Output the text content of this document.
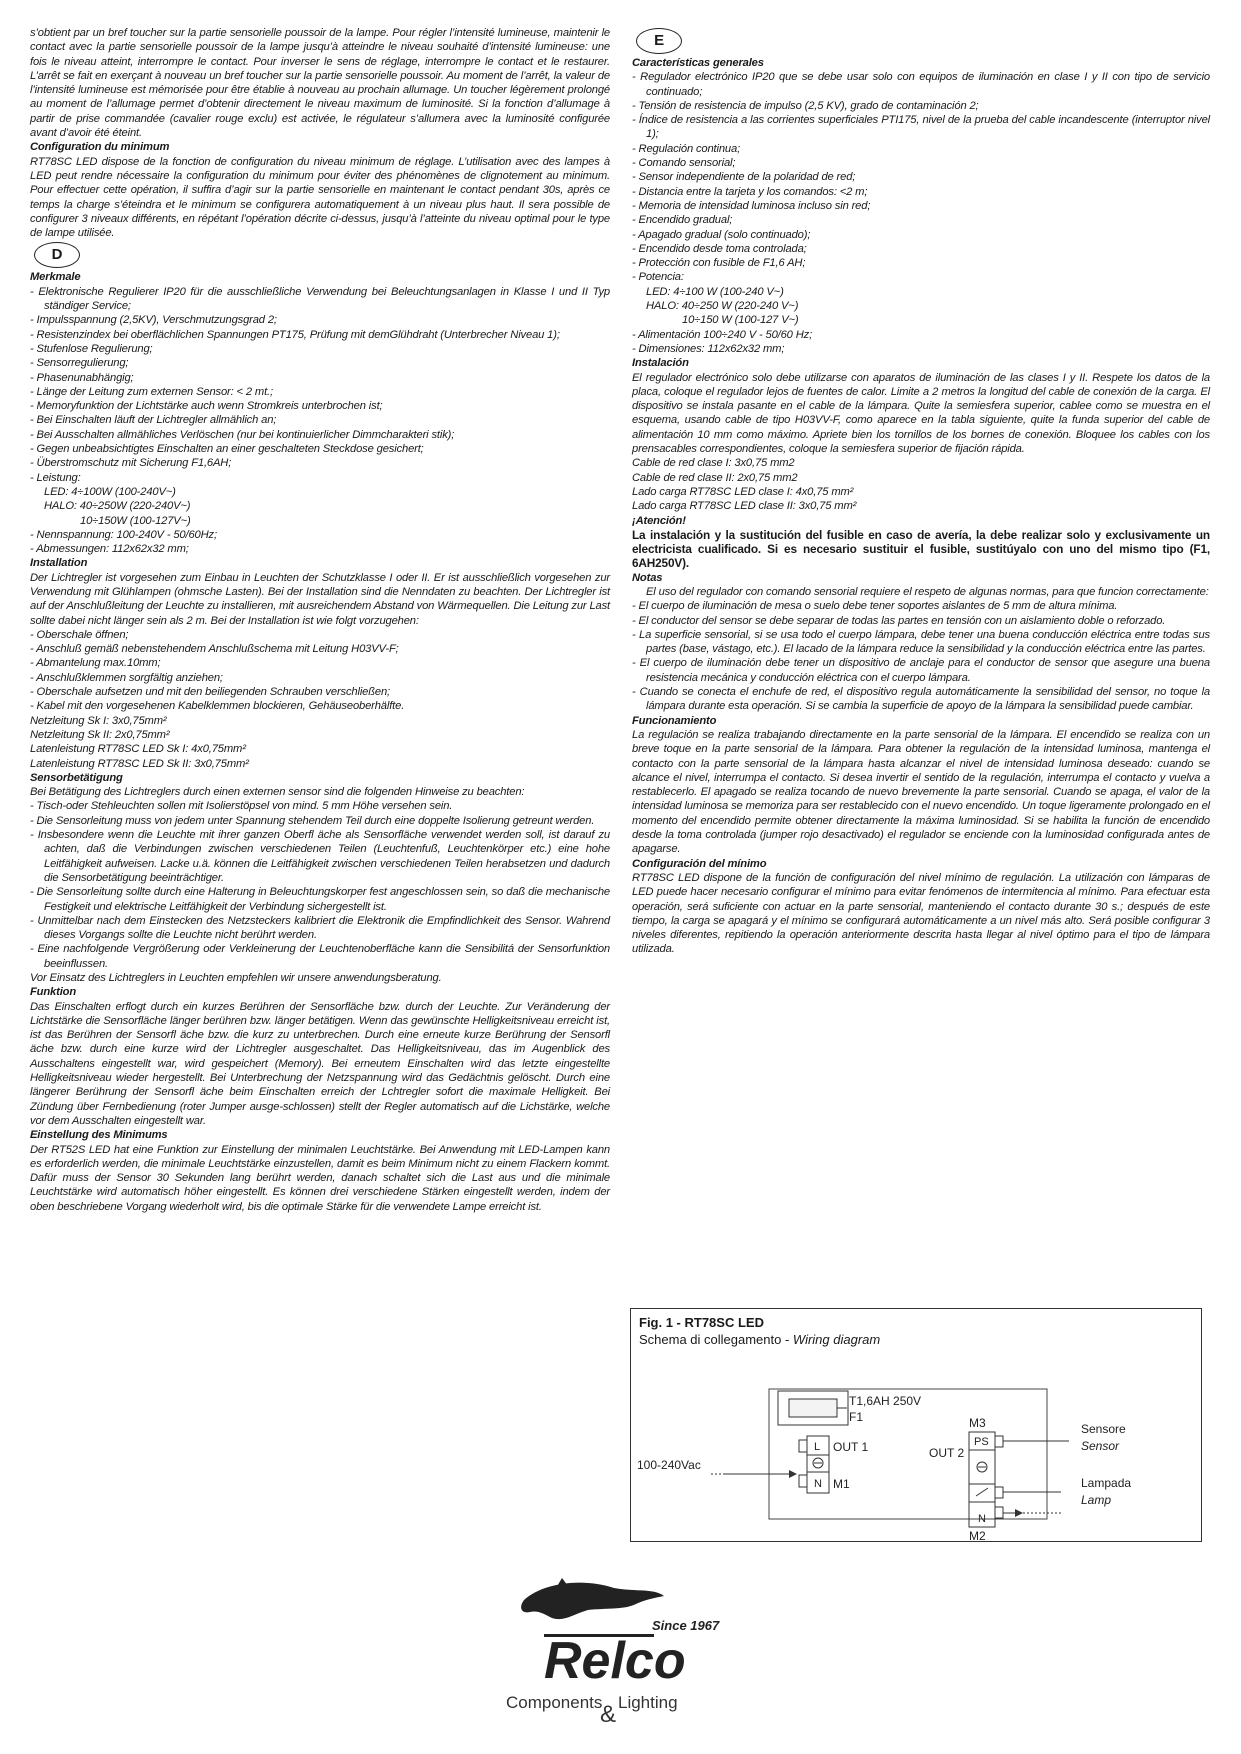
s’obtient par un bref toucher sur la partie sensorielle poussoir de la lampe. Pour régler l’intensité lumineuse, maintenir le contact avec la partie sensorielle poussoir de la lampe jusqu’à atteindre le niveau souhaité d’intensité lumineuse: une fois le niveau atteint, interrompre le contact. Pour inverser le sens de réglage, interrompre le contact et le restaurer. L’arrêt se fait en exerçant à nouveau un bref toucher sur la partie sensorielle poussoir. Au moment de l’arrêt, la valeur de l’intensité lumineuse est mémorisée pour être établie à nouveau au prochain allumage. Un toucher légèrement prolongé au moment de l’allumage permet d’obtenir directement le niveau maximum de luminosité. Si la fonction d’allumage à partir de prise commandée (cavalier rouge exclu) est activée, le régulateur s’allumera avec la luminosité configurée avant d’avoir été éteint.

Configuration du minimum

RT78SC LED dispose de la fonction de configuration du niveau minimum de réglage. L’utilisation avec des lampes à LED peut rendre nécessaire la configuration du minimum pour éviter des phénomènes de clignotement au minimum. Pour effectuer cette opération, il suffira d’agir sur la partie sensorielle en maintenant le contact pendant 30s, après ce temps la charge s’éteindra et le minimum se configurera automatiquement à un niveau plus haut. Il sera possible de configurer 3 niveaux différents, en répétant l’opération décrite ci-dessus, jusqu’à l’atteinte du niveau optimal pour le type de lampe utilisée.

D

Merkmale

- Elektronische Regulierer IP20 für die ausschließliche Verwendung bei Beleuchtungsanlagen in Klasse I und II Typ ständiger Service;

- Impulsspannung (2,5KV), Verschmutzungsgrad 2;

- Resistenzindex bei oberflächlichen Spannungen PT175, Prüfung mit demGlühdraht (Unterbrecher Niveau 1);

- Stufenlose Regulierung;

- Sensorregulierung;

- Phasenunabhängig;

- Länge der Leitung zum externen Sensor: < 2 mt.;

- Memoryfunktion der Lichtstärke auch wenn Stromkreis unterbrochen ist;

- Bei Einschalten läuft der Lichtregler allmählich an;

- Bei Ausschalten allmähliches Verlöschen (nur bei kontinuierlicher Dimmcharakteri stik);

- Gegen unbeabsichtigtes Einschalten an einer geschalteten Steckdose gesichert;

- Überstromschutz mit Sicherung F1,6AH;

- Leistung:

LED: 4÷100W (100-240V~)

HALO: 40÷250W (220-240V~)

10÷150W (100-127V~)

- Nennspannung: 100-240V - 50/60Hz;

- Abmessungen: 112x62x32 mm;

Installation

Der Lichtregler ist vorgesehen zum Einbau in Leuchten der Schutzklasse I oder II. Er ist ausschließlich vorgesehen zur Verwendung mit Glühlampen (ohmsche Lasten). Bei der Installation sind die Nenndaten zu beachten. Der Lichtregler ist auf der Anschlußleitung der Leuchte zu installieren, mit ausreichendem Abstand von Wärmequellen. Die Leitung zur Last sollte dabei nicht länger sein als 2 m. Bei der Installation ist wie folgt vorzugehen:

- Oberschale öffnen;

- Anschluß gemäß nebenstehendem Anschlußschema mit Leitung H03VV-F;

- Abmantelung max.10mm;

- Anschlußklemmen sorgfältig anziehen;

- Oberschale aufsetzen und mit den beiliegenden Schrauben verschließen;

- Kabel mit den vorgesehenen Kabelklemmen blockieren, Gehäuseoberhälfte.

Netzleitung Sk I: 3x0,75mm²

Netzleitung Sk II: 2x0,75mm²

Latenleistung RT78SC LED Sk I: 4x0,75mm²

Latenleistung RT78SC LED Sk II: 3x0,75mm²

Sensorbetätigung

Bei Betätigung des Lichtreglers durch einen externen sensor sind die folgenden Hinweise zu beachten:

- Tisch-oder Stehleuchten sollen mit Isolierstöpsel von mind. 5 mm Höhe versehen sein.

- Die Sensorleitung muss von jedem unter Spannung stehendem Teil durch eine doppelte Isolierung getreunt werden.

- Insbesondere wenn die Leuchte mit ihrer ganzen Oberfl äche als Sensorfläche verwendet werden soll, ist darauf zu achten, daß die Verbindungen zwischen verschiedenen Teilen (Leuchtenfuß, Leuchtenkörper etc.) eine hohe Leitfähigkeit aufweisen. Lacke u.ä. können die Leitfähigkeit zwischen verschiedenen Teilen herabsetzen und dadurch die Sensorbetätigung beeinträchtiger.

- Die Sensorleitung sollte durch eine Halterung in Beleuchtungskorper fest angeschlossen sein, so daß die mechanische Festigkeit und elektrische Leitfähigkeit der Verbindung sichergestellt ist.

- Unmittelbar nach dem Einstecken des Netzsteckers kalibriert die Elektronik die Empfindlichkeit des Sensor. Wahrend dieses Vorgangs sollte die Leuchte nicht berührt werden.

- Eine nachfolgende Vergrößerung oder Verkleinerung der Leuchtenoberfläche kann die Sensibilitá der Sensorfunktion beeinflussen.

Vor Einsatz des Lichtreglers in Leuchten empfehlen wir unsere anwendungsberatung.

Funktion

Das Einschalten erflogt durch ein kurzes Berühren der Sensorfläche bzw. durch der Leuchte. Zur Veränderung der Lichtstärke die Sensorfläche länger berühren bzw. länger betätigen. Wenn das gewünschte Helligkeitsniveau erreicht ist, ist das Berühren der Sensorfl äche bzw. die kurz zu unterbrechen. Durch eine erneute kurze Berührung der Sensorfl äche bzw. durch eine kurze wird der Lichtregler ausgeschaltet. Das Helligkeitsniveau, das im Augenblick des Ausschaltens eingestellt war, wird gespeichert (Memory). Bei erneutem Einschalten wird das letzte eingestellte Helligkeitsniveau wieder hergestellt. Bei Unterbrechung der Netzspannung wird das Gedächtnis gelöscht. Durch eine längerer Berührung der Sensorfl äche beim Einschalten erreich der Lchtregler sofort die maximale Helligkeit. Bei Zündung über Fernbedienung (roter Jumper ausge-schlossen) stellt der Regler automatisch auf die Lichstärke, welche vor dem Ausschalten eingestellt war.

Einstellung des Minimums

Der RT52S LED hat eine Funktion zur Einstellung der minimalen Leuchtstärke. Bei Anwendung mit LED-Lampen kann es erforderlich werden, die minimale Leuchtstärke einzustellen, damit es beim Minimum nicht zu einem Flackern kommt. Dafür muss der Sensor 30 Sekunden lang berührt werden, danach schaltet sich die Last aus und die minimale Leuchtstärke wird automatisch höher eingestellt. Es können drei verschiedene Stärken eingestellt werden, indem der oben beschriebene Vorgang wiederholt wird, bis die optimale Stärke für die verwendete Lampe erreicht ist.

E

Características generales

- Regulador electrónico IP20 que se debe usar solo con equipos de iluminación en clase I y II con tipo de servicio continuado;

- Tensión de resistencia de impulso (2,5 KV), grado de contaminación 2;

- Índice de resistencia a las corrientes superficiales PTI175, nivel de la prueba del cable incandescente (interruptor nivel 1);

- Regulación continua;

- Comando sensorial;

- Sensor independiente de la polaridad de red;

- Distancia entre la tarjeta y los comandos: <2 m;

- Memoria de intensidad luminosa incluso sin red;

- Encendido gradual;

- Apagado gradual (solo continuado);

- Encendido desde toma controlada;

- Protección con fusible de F1,6 AH;

- Potencia:

LED: 4÷100 W (100-240 V~)

HALO: 40÷250 W (220-240 V~)

10÷150 W (100-127 V~)

- Alimentación 100÷240 V - 50/60 Hz;

- Dimensiones: 112x62x32 mm;

Instalación

El regulador electrónico solo debe utilizarse con aparatos de iluminación de las clases I y II. Respete los datos de la placa, coloque el regulador lejos de fuentes de calor. Limite a 2 metros la longitud del cable de conexión de la carga. El dispositivo se instala pasante en el cable de la lámpara. Quite la semiesfera superior, cablee como se muestra en el esquema, usando cable de tipo H03VV-F, como aparece en la tabla siguiente, quite la funda superior del cable de alimentación 10 mm como máximo. Apriete bien los tornillos de los bornes de conexión. Bloquee los cables con los prensacables correspondientes, coloque la semiesfera superior de fijación rápida.

Cable de red clase I: 3x0,75 mm2

Cable de red clase II: 2x0,75 mm2

Lado carga RT78SC LED clase I: 4x0,75 mm²

Lado carga RT78SC LED clase II: 3x0,75 mm²

¡Atención!

La instalación y la sustitución del fusible en caso de avería, la debe realizar solo y exclusivamente un electricista cualificado. Si es necesario sustituir el fusible, sustitúyalo con uno del mismo tipo (F1, 6AH250V).

Notas

El uso del regulador con comando sensorial requiere el respeto de algunas normas, para que funcion correctamente:

- El cuerpo de iluminación de mesa o suelo debe tener soportes aislantes de 5 mm de altura mínima.

- El conductor del sensor se debe separar de todas las partes en tensión con un aislamiento doble o reforzado.

- La superficie sensorial, si se usa todo el cuerpo lámpara, debe tener una buena conducción eléctrica entre todas sus partes (base, vástago, etc.). El lacado de la lámpara reduce la sensibilidad y la conducción eléctrica entre las partes.

- El cuerpo de iluminación debe tener un dispositivo de anclaje para el conductor de sensor que asegure una buena resistencia mecánica y conducción eléctrica con el cuerpo lámpara.

- Cuando se conecta el enchufe de red, el dispositivo regula automáticamente la sensibilidad del sensor, no toque la lámpara durante esta operación. Si se cambia la superficie de apoyo de la lámpara la sensibilidad puede cambiar.

Funcionamiento

La regulación se realiza trabajando directamente en la parte sensorial de la lámpara. El encendido se realiza con un breve toque en la parte sensorial de la lámpara. Para obtener la regulación de la intensidad luminosa, mantenga el contacto con la parte sensorial de la lámpara hasta alcanzar el nivel de intensidad luminosa deseado: cuando se alcance el nivel, interrumpa el contacto. Si desea invertir el sentido de la regulación, interrumpa el contacto y vuelva a restablecerlo. El apagado se realiza tocando de nuevo brevemente la parte sensorial. Cuando se apaga, el valor de la intensidad luminosa se memoriza para ser restablecido con el nuevo encendido. Un toque ligeramente prolongado en el momento del encendido permite obtener directamente la máxima luminosidad. Si se habilita la función de encendido desde la toma controlada (jumper rojo desactivado) el regulador se enciende con la luminosidad configurada antes de apagarse.

Configuración del mínimo

RT78SC LED dispone de la función de configuración del nivel mínimo de regulación. La utilización con lámparas de LED puede hacer necesario configurar el mínimo para evitar fenómenos de intermitencia al mínimo. Para efectuar esta operación, será suficiente con actuar en la parte sensorial, manteniendo el contacto durante 30 s.; después de este tiempo, la carga se apagará y el mínimo se configurará automáticamente a un nivel más alto. Será posible configurar 3 niveles diferentes, repitiendo la operación anteriormente descrita hasta llegar al nivel óptimo para el tipo de lámpara utilizada.

Fig. 1 - RT78SC LED
Schema di collegamento - Wiring diagram
T1,6AH 250V
F1
L
N
OUT 1
M1
100-240Vac
M3
PS
N
M2
OUT 2
Sensore
Sensor
Lampada
Lamp
Since 1967
Relco
Components
& Lighting
